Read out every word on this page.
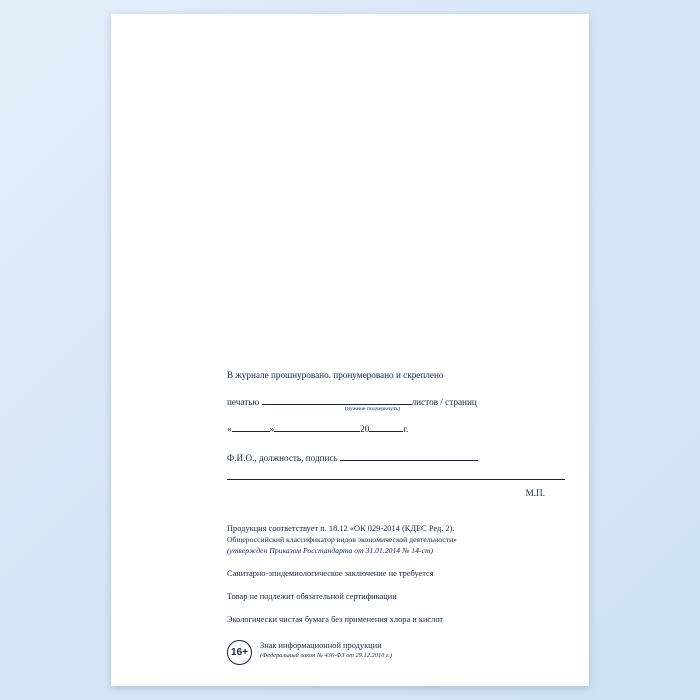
В журнале прошнуровано. пронумеровано и скреплено
печатью	листов / страниц
(нужное подчеркнуть)
«	»	20	г.
Ф.И.О., должность, подпись
М.П.

Продукция соответствует п. 18.12 «ОК 029-2014 (КДЕС Ред. 2).

Общероссийский классификатор видов экономической деятельности»

(утвержден Приказом Росстандарта от 31.01.2014 № 14-ст)

Санитарно-эпидемиологическое заключение не требуется

Товар не подлежит обязательной сертификации

Экологически чистая бумага без применения хлора и кислот

16+
Знак информационной продукции
(Федеральный закон № 436-ФЗ от 29.12.2010 г.)
